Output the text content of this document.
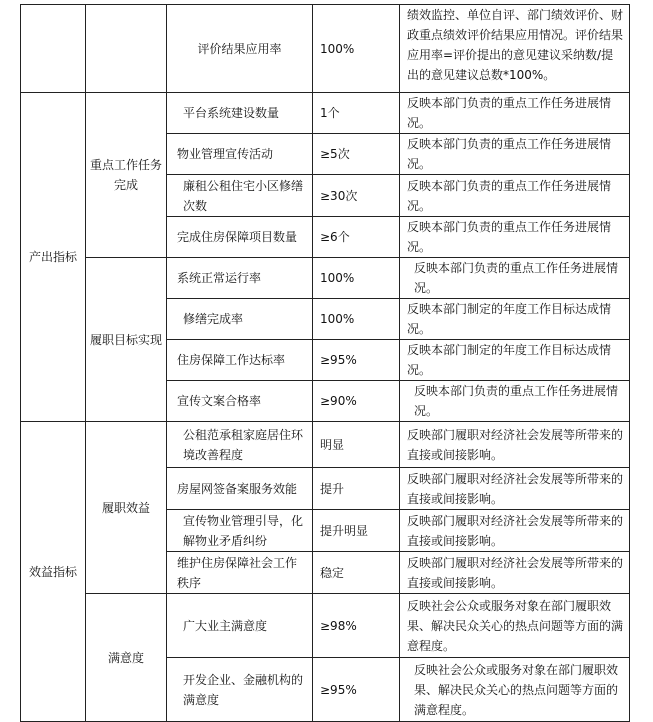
		评价结果应用率	100%	绩效监控、单位自评、部门绩效评价、财政重点绩效评价结果应用情况。评价结果应用率=评价提出的意见建议采纳数/提出的意见建议总数*100%。
产出指标	重点工作任务完成	平台系统建设数量	1个	反映本部门负责的重点工作任务进展情况。
		物业管理宣传活动	≥5次	反映本部门负责的重点工作任务进展情况。
		廉租公租住宅小区修缮次数	≥30次	反映本部门负责的重点工作任务进展情况。
		完成住房保障项目数量	≥6个	反映本部门负责的重点工作任务进展情况。
	履职目标实现	系统正常运行率	100%	反映本部门负责的重点工作任务进展情况。
		修缮完成率	100%	反映本部门制定的年度工作目标达成情况。
		住房保障工作达标率	≥95%	反映本部门制定的年度工作目标达成情况。
		宣传文案合格率	≥90%	反映本部门负责的重点工作任务进展情况。
效益指标	履职效益	公租范承租家庭居住环境改善程度	明显	反映部门履职对经济社会发展等所带来的直接或间接影响。
		房屋网签备案服务效能	提升	反映部门履职对经济社会发展等所带来的直接或间接影响。
		宣传物业管理引导，化解物业矛盾纠纷	提升明显	反映部门履职对经济社会发展等所带来的直接或间接影响。
		维护住房保障社会工作秩序	稳定	反映部门履职对经济社会发展等所带来的直接或间接影响。
	满意度	广大业主满意度	≥98%	反映社会公众或服务对象在部门履职效果、解决民众关心的热点问题等方面的满意程度。
		开发企业、金融机构的满意度	≥95%	反映社会公众或服务对象在部门履职效果、解决民众关心的热点问题等方面的满意程度。
